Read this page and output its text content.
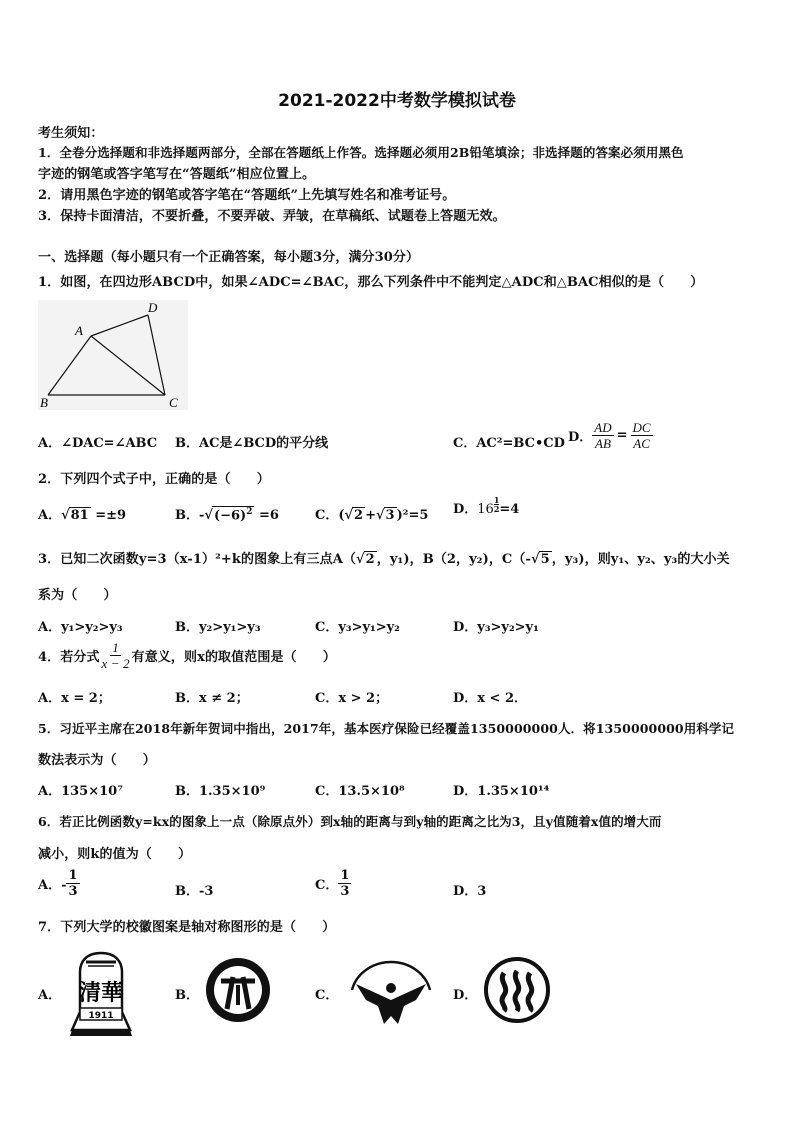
2021-2022中考数学模拟试卷
考生须知：
1．全卷分选择题和非选择题两部分，全部在答题纸上作答。选择题必须用2B铅笔填涂；非选择题的答案必须用黑色
字迹的钢笔或答字笔写在“答题纸”相应位置上。
2．请用黑色字迹的钢笔或答字笔在“答题纸”上先填写姓名和准考证号。
3．保持卡面清洁，不要折叠，不要弄破、弄皱，在草稿纸、试题卷上答题无效。
一、选择题（每小题只有一个正确答案，每小题3分，满分30分）
1．如图，在四边形ABCD中，如果∠ADC=∠BAC，那么下列条件中不能判定△ADC和△BAC相似的是（　　）
A
B	C
D
A．∠DAC=∠ABC B．AC是∠BCD的平分线	C．AC²=BC•CD D． $\frac{AD}{AB} = \frac{DC}{AC}$
2．下列四个式子中，正确的是（　　）
A．√81 =±9	B．$-√(-6)^2 =6$	C．(√2 +√3 )²=5 D．$16 \frac{1}{2} =4$
3．已知二次函数y=3（x-1）²+k的图象上有三点A（√2 ，y₁)，B（2，y₂)，C（-√5 ，y₃)，则y₁、y₂、y₃的大小关
系为（　　）
A．y₁>y₂>y₃	B．y₂>y₁>y₃	C．y₃>y₁>y₂	D．y₃>y₂>y₁
4．若分式 $\frac{1}{x - 2}$ 有意义，则x的取值范围是（　　）
A．x = 2；	B．x ≠ 2；	C．x > 2；	D．x < 2．
5．习近平主席在2018年新年贺词中指出，2017年，基本医疗保险已经覆盖1350000000人．将1350000000用科学记
数法表示为（　　）
A．135×10⁷	B．1.35×10⁹	C．13.5×10⁸	D．1.35×10¹⁴
6．若正比例函数y=kx的图象上一点（除原点外）到x轴的距离与到y轴的距离之比为3，且y值随着x值的增大而
减小，则k的值为（　　）
A．- $\frac{1}{3}$	B．-3	C． $\frac{1}{3}$	D．3
7．下列大学的校徽图案是轴对称图形的是（　　）
A． 清華
1911
B．	C．	D．
